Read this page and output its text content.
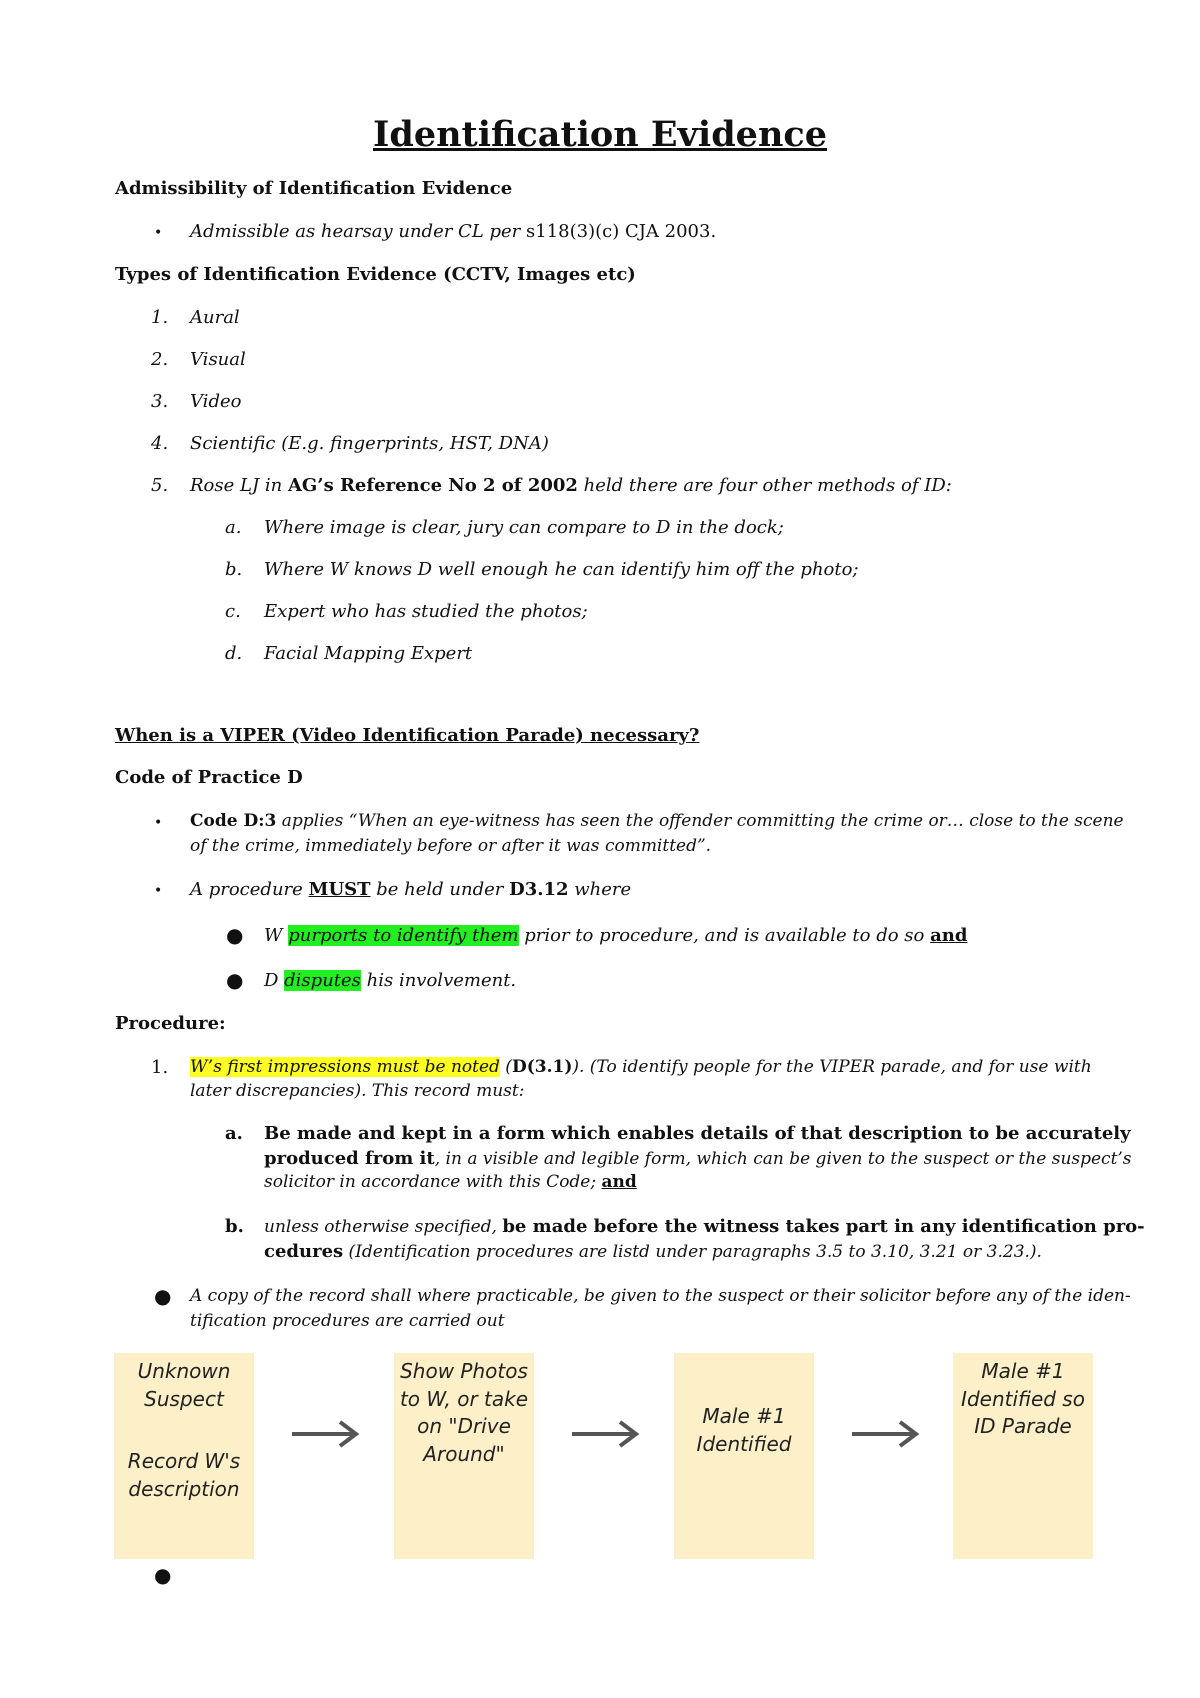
Identification Evidence
Admissibility of Identification Evidence
• Admissible as hearsay under CL per s118(3)(c) CJA 2003.
Types of Identification Evidence (CCTV, Images etc)
1. Aural
2. Visual
3. Video
4. Scientific (E.g. fingerprints, HST, DNA)
5. Rose LJ in AG’s Reference No 2 of 2002 held there are four other methods of ID:
a. Where image is clear, jury can compare to D in the dock;
b. Where W knows D well enough he can identify him off the photo;
c. Expert who has studied the photos;
d. Facial Mapping Expert
When is a VIPER (Video Identification Parade) necessary?
Code of Practice D
• Code D:3 applies “When an eye-witness has seen the offender committing the crime or… close to the scene
of the crime, immediately before or after it was committed”.
• A procedure MUST be held under D3.12 where
● W purports to identify them prior to procedure, and is available to do so and
● D disputes his involvement.
Procedure:
1. W’s first impressions must be noted (D(3.1)). (To identify people for the VIPER parade, and for use with
later discrepancies). This record must:
a. Be made and kept in a form which enables details of that description to be accurately
produced from it, in a visible and legible form, which can be given to the suspect or the suspect’s
solicitor in accordance with this Code; and
b. unless otherwise specified, be made before the witness takes part in any identification pro-
cedures (Identification procedures are listd under paragraphs 3.5 to 3.10, 3.21 or 3.23.).
● A copy of the record shall where practicable, be given to the suspect or their solicitor before any of the iden-
tification procedures are carried out
Unknown
Suspect
Record W's
description
Show Photos
to W, or take
on "Drive
Around"
Male #1
Identified
Male #1
Identified so
ID Parade
●
